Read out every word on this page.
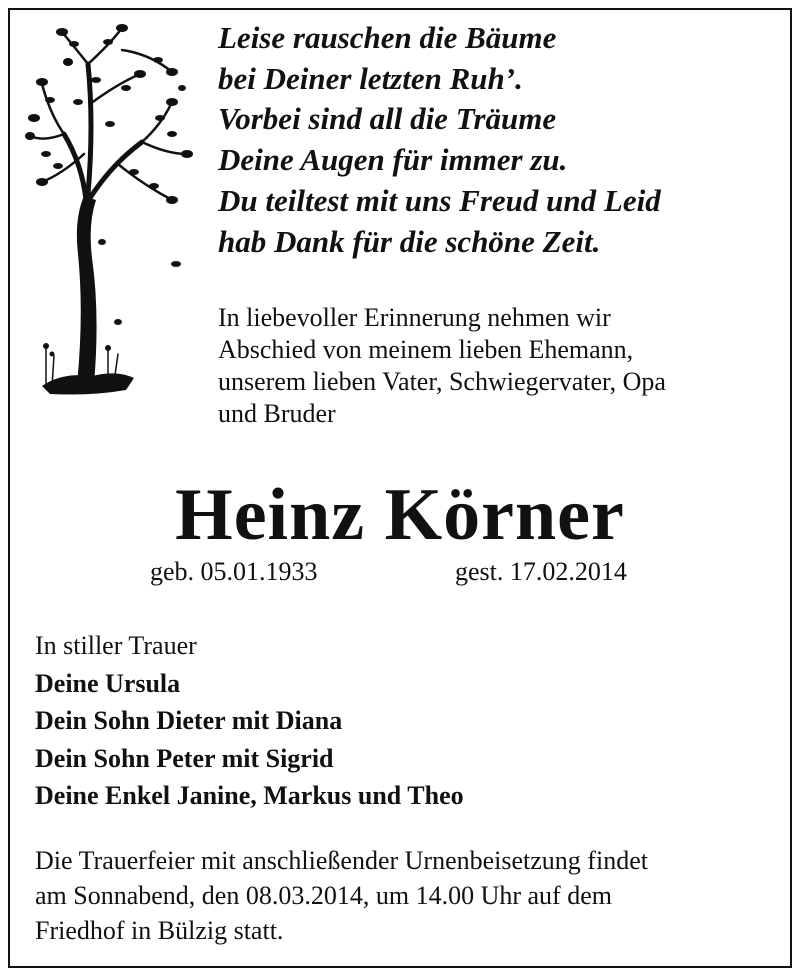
Leise rauschen die Bäume
bei Deiner letzten Ruh’.
Vorbei sind all die Träume
Deine Augen für immer zu.
Du teiltest mit uns Freud und Leid
hab Dank für die schöne Zeit.
In liebevoller Erinnerung nehmen wir
Abschied von meinem lieben Ehemann,
unserem lieben Vater, Schwiegervater, Opa
und Bruder
Heinz Körner
geb. 05.01.1933	gest. 17.02.2014
In stiller Trauer
Deine Ursula
Dein Sohn Dieter mit Diana
Dein Sohn Peter mit Sigrid
Deine Enkel Janine, Markus und Theo
Die Trauerfeier mit anschließender Urnenbeisetzung findet
am Sonnabend, den 08.03.2014, um 14.00 Uhr auf dem
Friedhof in Bülzig statt.
